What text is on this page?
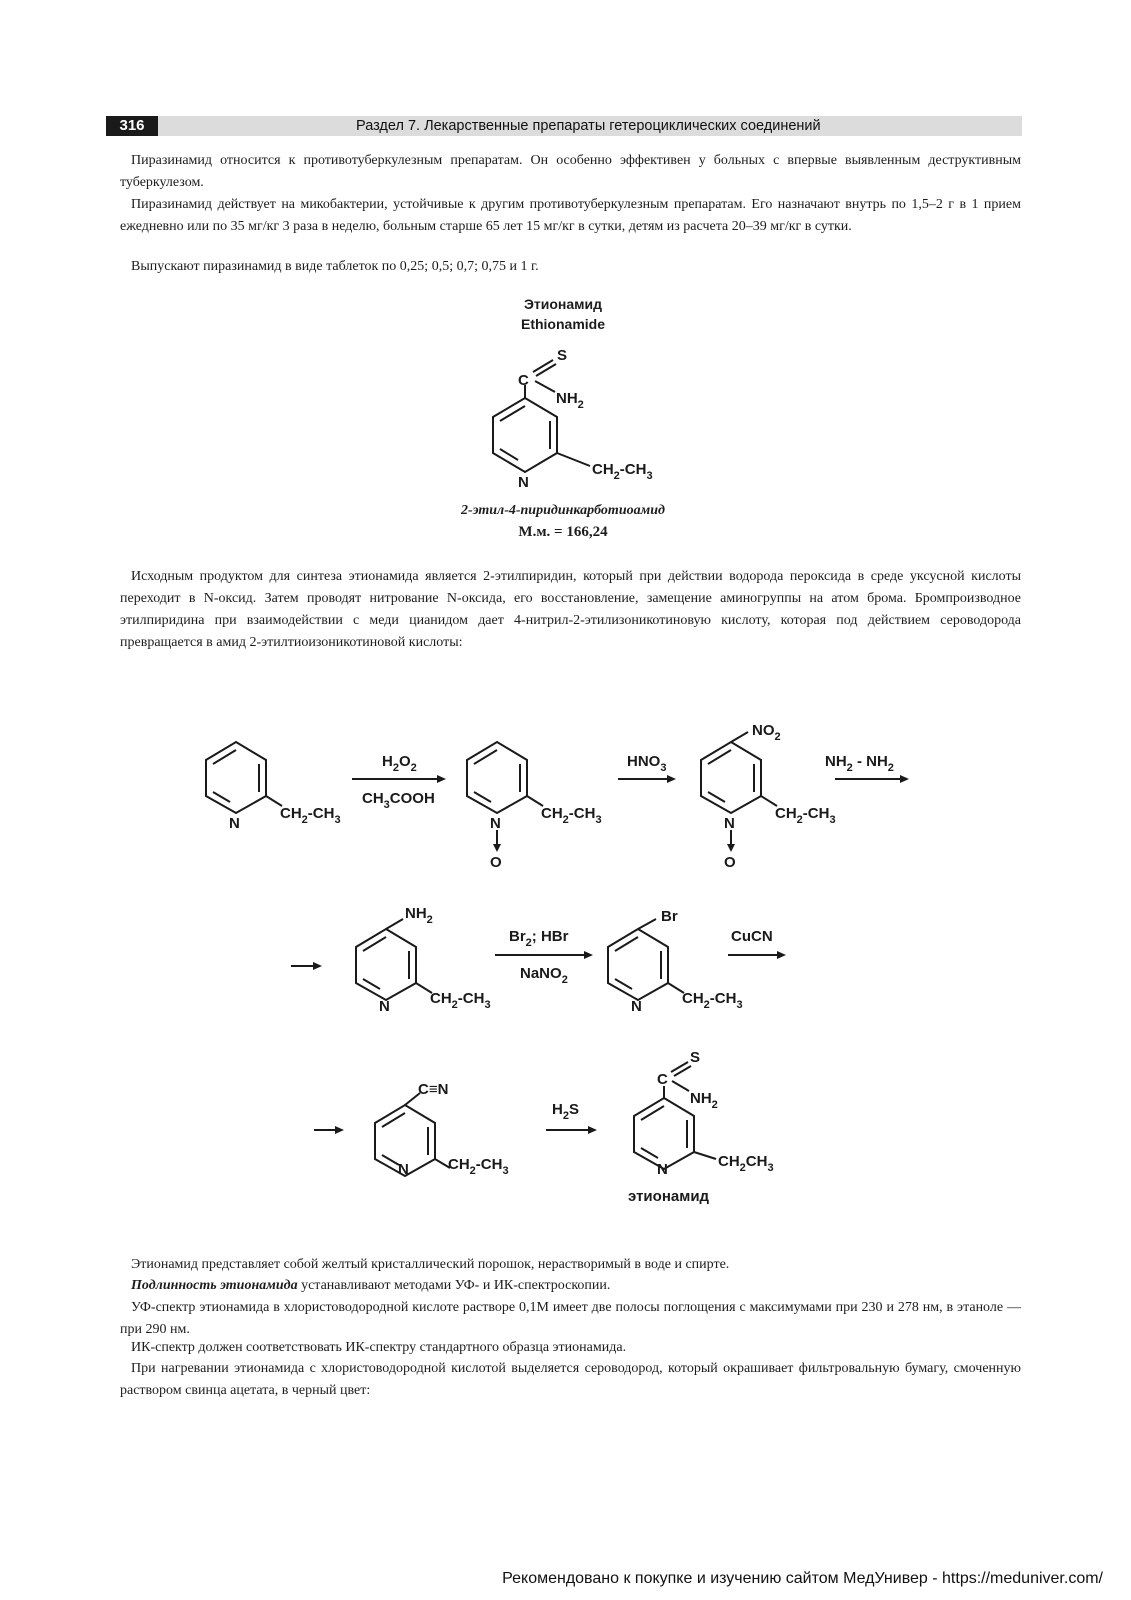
316	Раздел 7. Лекарственные препараты гетероциклических соединений

Пиразинамид относится к противотуберкулезным препаратам. Он особенно эффективен у больных с впервые выявленным деструктивным туберкулезом.

Пиразинамид действует на микобактерии, устойчивые к другим противотуберкулезным препаратам. Его назначают внутрь по 1,5–2 г в 1 прием ежедневно или по 35 мг/кг 3 раза в неделю, больным старше 65 лет 15 мг/кг в сутки, детям из расчета 20–39 мг/кг в сутки.

Выпускают пиразинамид в виде таблеток по 0,25; 0,5; 0,7; 0,75 и 1 г.

Этионамид

Ethionamide

2-этил-4-пиридинкарботиоамид

М.м. = 166,24

Исходным продуктом для синтеза этионамида является 2-этилпиридин, который при действии водорода пероксида в среде уксусной кислоты переходит в N-оксид. Затем проводят нитрование N-оксида, его восстановление, замещение аминогруппы на атом брома. Бромпроизводное этилпиридина при взаимодействии с меди цианидом дает 4-нитрил-2-этилизоникотиновую кислоту, которая под действием сероводорода превращается в амид 2-этилтиоизоникотиновой кислоты:

C
S
$NH_2$
N
$CH_2-CH_3$
N
$CH_2-CH_3$
$H_2O_2$
$CH_3COOH$
N
O
$CH_2-CH_3$
$HNO_3$
$NO_2$
N
O
$CH_2-CH_3$
$NH_2 - NH_2$
$NH_2$
N	$CH_2-CH_3$
$Br_2$; HBr
NaNO$_2$
Br
N	$CH_2-CH_3$
CuCN
C≡N
N	$CH_2-CH_3$
$H_2S$
C
S
$NH_2$
N	$CH_2CH_3$
этионамид

Этионамид представляет собой желтый кристаллический порошок, нерастворимый в воде и спирте.

Подлинность этионамида устанавливают методами УФ- и ИК-спектроскопии.

УФ-спектр этионамида в хлористоводородной кислоте растворе 0,1М имеет две полосы поглощения с максимумами при 230 и 278 нм, в этаноле — при 290 нм.

ИК-спектр должен соответствовать ИК-спектру стандартного образца этионамида.

При нагревании этионамида с хлористоводородной кислотой выделяется сероводород, который окрашивает фильтровальную бумагу, смоченную раствором свинца ацетата, в черный цвет:

Рекомендовано к покупке и изучению сайтом МедУнивер - https://meduniver.com/
